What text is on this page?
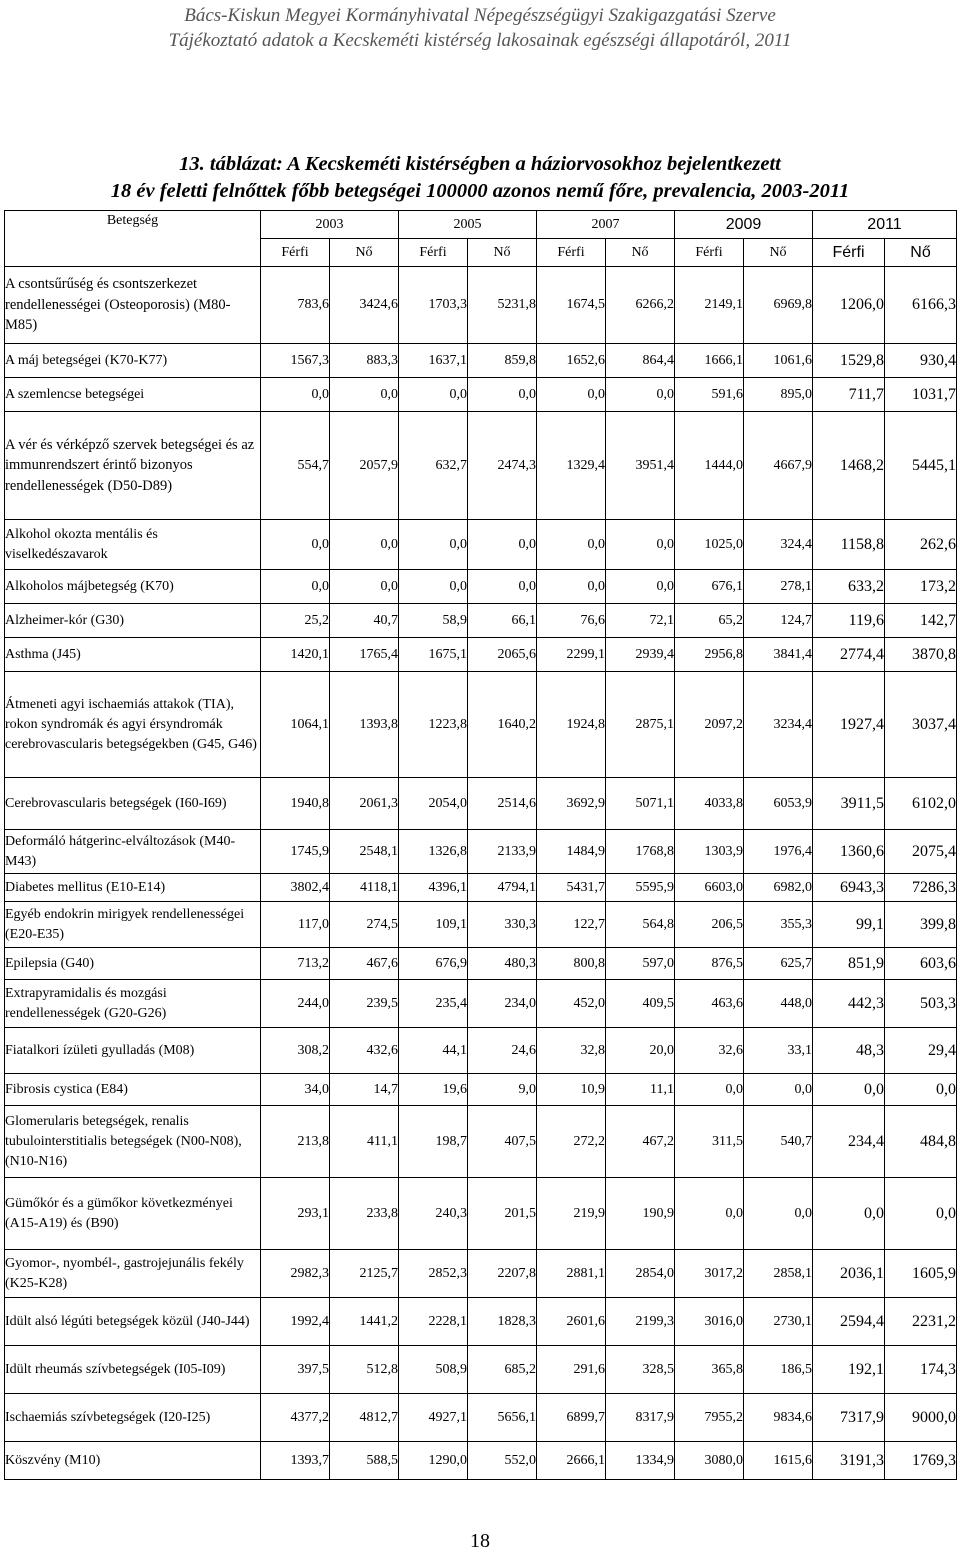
Bács-Kiskun Megyei Kormányhivatal Népegészségügyi Szakigazgatási Szerve
Tájékoztató adatok a Kecskeméti kistérség lakosainak egészségi állapotáról, 2011
13. táblázat: A Kecskeméti kistérségben a háziorvosokhoz bejelentkezett
18 év feletti felnőttek főbb betegségei 100000 azonos nemű főre, prevalencia, 2003-2011
Betegség	2003		2005		2007		2009		2011	
	Férfi	Nő	Férfi	Nő	Férfi	Nő	Férfi	Nő	Férfi	Nő
A csontsűrűség és csontszerkezet rendellenességei (Osteoporosis) (M80-M85)	783,6	3424,6	1703,3	5231,8	1674,5	6266,2	2149,1	6969,8	1206,0	6166,3
A máj betegségei (K70-K77)	1567,3	883,3	1637,1	859,8	1652,6	864,4	1666,1	1061,6	1529,8	930,4
A szemlencse betegségei	0,0	0,0	0,0	0,0	0,0	0,0	591,6	895,0	711,7	1031,7
A vér és vérképző szervek betegségei és az immunrendszert érintő bizonyos rendellenességek (D50-D89)	554,7	2057,9	632,7	2474,3	1329,4	3951,4	1444,0	4667,9	1468,2	5445,1
Alkohol okozta mentális és viselkedészavarok	0,0	0,0	0,0	0,0	0,0	0,0	1025,0	324,4	1158,8	262,6
Alkoholos májbetegség (K70)	0,0	0,0	0,0	0,0	0,0	0,0	676,1	278,1	633,2	173,2
Alzheimer-kór (G30)	25,2	40,7	58,9	66,1	76,6	72,1	65,2	124,7	119,6	142,7
Asthma (J45)	1420,1	1765,4	1675,1	2065,6	2299,1	2939,4	2956,8	3841,4	2774,4	3870,8
Átmeneti agyi ischaemiás attakok (TIA), rokon syndromák és agyi érsyndromák cerebrovascularis betegségekben (G45, G46)	1064,1	1393,8	1223,8	1640,2	1924,8	2875,1	2097,2	3234,4	1927,4	3037,4
Cerebrovascularis betegségek (I60-I69)	1940,8	2061,3	2054,0	2514,6	3692,9	5071,1	4033,8	6053,9	3911,5	6102,0
Deformáló hátgerinc-elváltozások (M40-M43)	1745,9	2548,1	1326,8	2133,9	1484,9	1768,8	1303,9	1976,4	1360,6	2075,4
Diabetes mellitus (E10-E14)	3802,4	4118,1	4396,1	4794,1	5431,7	5595,9	6603,0	6982,0	6943,3	7286,3
Egyéb endokrin mirigyek rendellenességei (E20-E35)	117,0	274,5	109,1	330,3	122,7	564,8	206,5	355,3	99,1	399,8
Epilepsia (G40)	713,2	467,6	676,9	480,3	800,8	597,0	876,5	625,7	851,9	603,6
Extrapyramidalis és mozgási rendellenességek (G20-G26)	244,0	239,5	235,4	234,0	452,0	409,5	463,6	448,0	442,3	503,3
Fiatalkori ízületi gyulladás (M08)	308,2	432,6	44,1	24,6	32,8	20,0	32,6	33,1	48,3	29,4
Fibrosis cystica (E84)	34,0	14,7	19,6	9,0	10,9	11,1	0,0	0,0	0,0	0,0
Glomerularis betegségek, renalis tubulointerstitialis betegségek (N00-N08), (N10-N16)	213,8	411,1	198,7	407,5	272,2	467,2	311,5	540,7	234,4	484,8
Gümőkór és a gümőkor következményei (A15-A19) és (B90)	293,1	233,8	240,3	201,5	219,9	190,9	0,0	0,0	0,0	0,0
Gyomor-, nyombél-, gastrojejunális fekély (K25-K28)	2982,3	2125,7	2852,3	2207,8	2881,1	2854,0	3017,2	2858,1	2036,1	1605,9
Idült alsó légúti betegségek közül (J40-J44)	1992,4	1441,2	2228,1	1828,3	2601,6	2199,3	3016,0	2730,1	2594,4	2231,2
Idült rheumás szívbetegségek (I05-I09)	397,5	512,8	508,9	685,2	291,6	328,5	365,8	186,5	192,1	174,3
Ischaemiás szívbetegségek (I20-I25)	4377,2	4812,7	4927,1	5656,1	6899,7	8317,9	7955,2	9834,6	7317,9	9000,0
Köszvény (M10)	1393,7	588,5	1290,0	552,0	2666,1	1334,9	3080,0	1615,6	3191,3	1769,3
18
